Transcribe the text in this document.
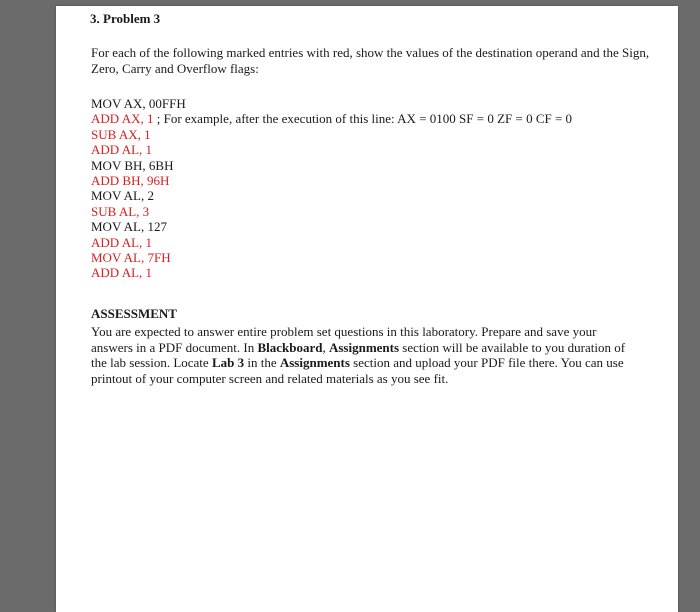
3. Problem 3

For each of the following marked entries with red, show the values of the destination operand and the Sign, Zero, Carry and Overflow flags:

MOV AX, 00FFH
ADD AX, 1 ; For example, after the execution of this line: AX = 0100 SF = 0 ZF = 0 CF = 0
SUB AX, 1
ADD AL, 1
MOV BH, 6BH
ADD BH, 96H
MOV AL, 2
SUB AL, 3
MOV AL, 127
ADD AL, 1
MOV AL, 7FH
ADD AL, 1
ASSESSMENT

You are expected to answer entire problem set questions in this laboratory. Prepare and save your answers in a PDF document. In Blackboard, Assignments section will be available to you duration of the lab session. Locate Lab 3 in the Assignments section and upload your PDF file there. You can use printout of your computer screen and related materials as you see fit.
